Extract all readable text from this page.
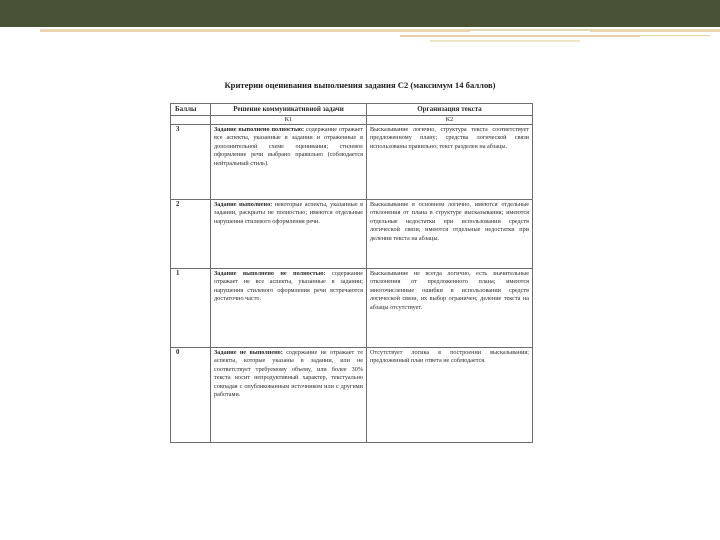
Критерии оценивания выполнения задания С2 (максимум 14 баллов)
Баллы	Решение коммуникативной задачи	Организация текста
	К1	К2
3	Задание выполнено полностью: содержание отражает все аспекты, указанные в задании и отраженные в дополнительной схеме оценивания; стилевое оформление речи выбрано правильно (соблюдается нейтральный стиль).	Высказывание логично, структура текста соответствует предложенному плану; средства логической связи использованы правильно; текст разделен на абзацы.
2	Задание выполнено: некоторые аспекты, указанные в задании, раскрыты не полностью; имеются отдельные нарушения стилевого оформления речи.	Высказывание в основном логично, имеются отдельные отклонения от плана в структуре высказывания; имеются отдельные недостатки при использовании средств логической связи; имеются отдельные недостатки при делении текста на абзацы.
1	Задание выполнено не полностью: содержание отражает не все аспекты, указанные в задании; нарушения стилевого оформления речи встречаются достаточно часто.	Высказывание не всегда логично, есть значительные отклонения от предложенного плана; имеются многочисленные ошибки в использовании средств логической связи, их выбор ограничен; деление текста на абзацы отсутствует.
0	Задание не выполнено: содержание не отражает те аспекты, которые указаны в задании, или не соответствует требуемому объему, или более 30% текста носит непродуктивный характер, текстуально совпадая с опубликованным источником или с другими работами.	Отсутствует логика в построении высказывания; предложенный план ответа не соблюдается.
